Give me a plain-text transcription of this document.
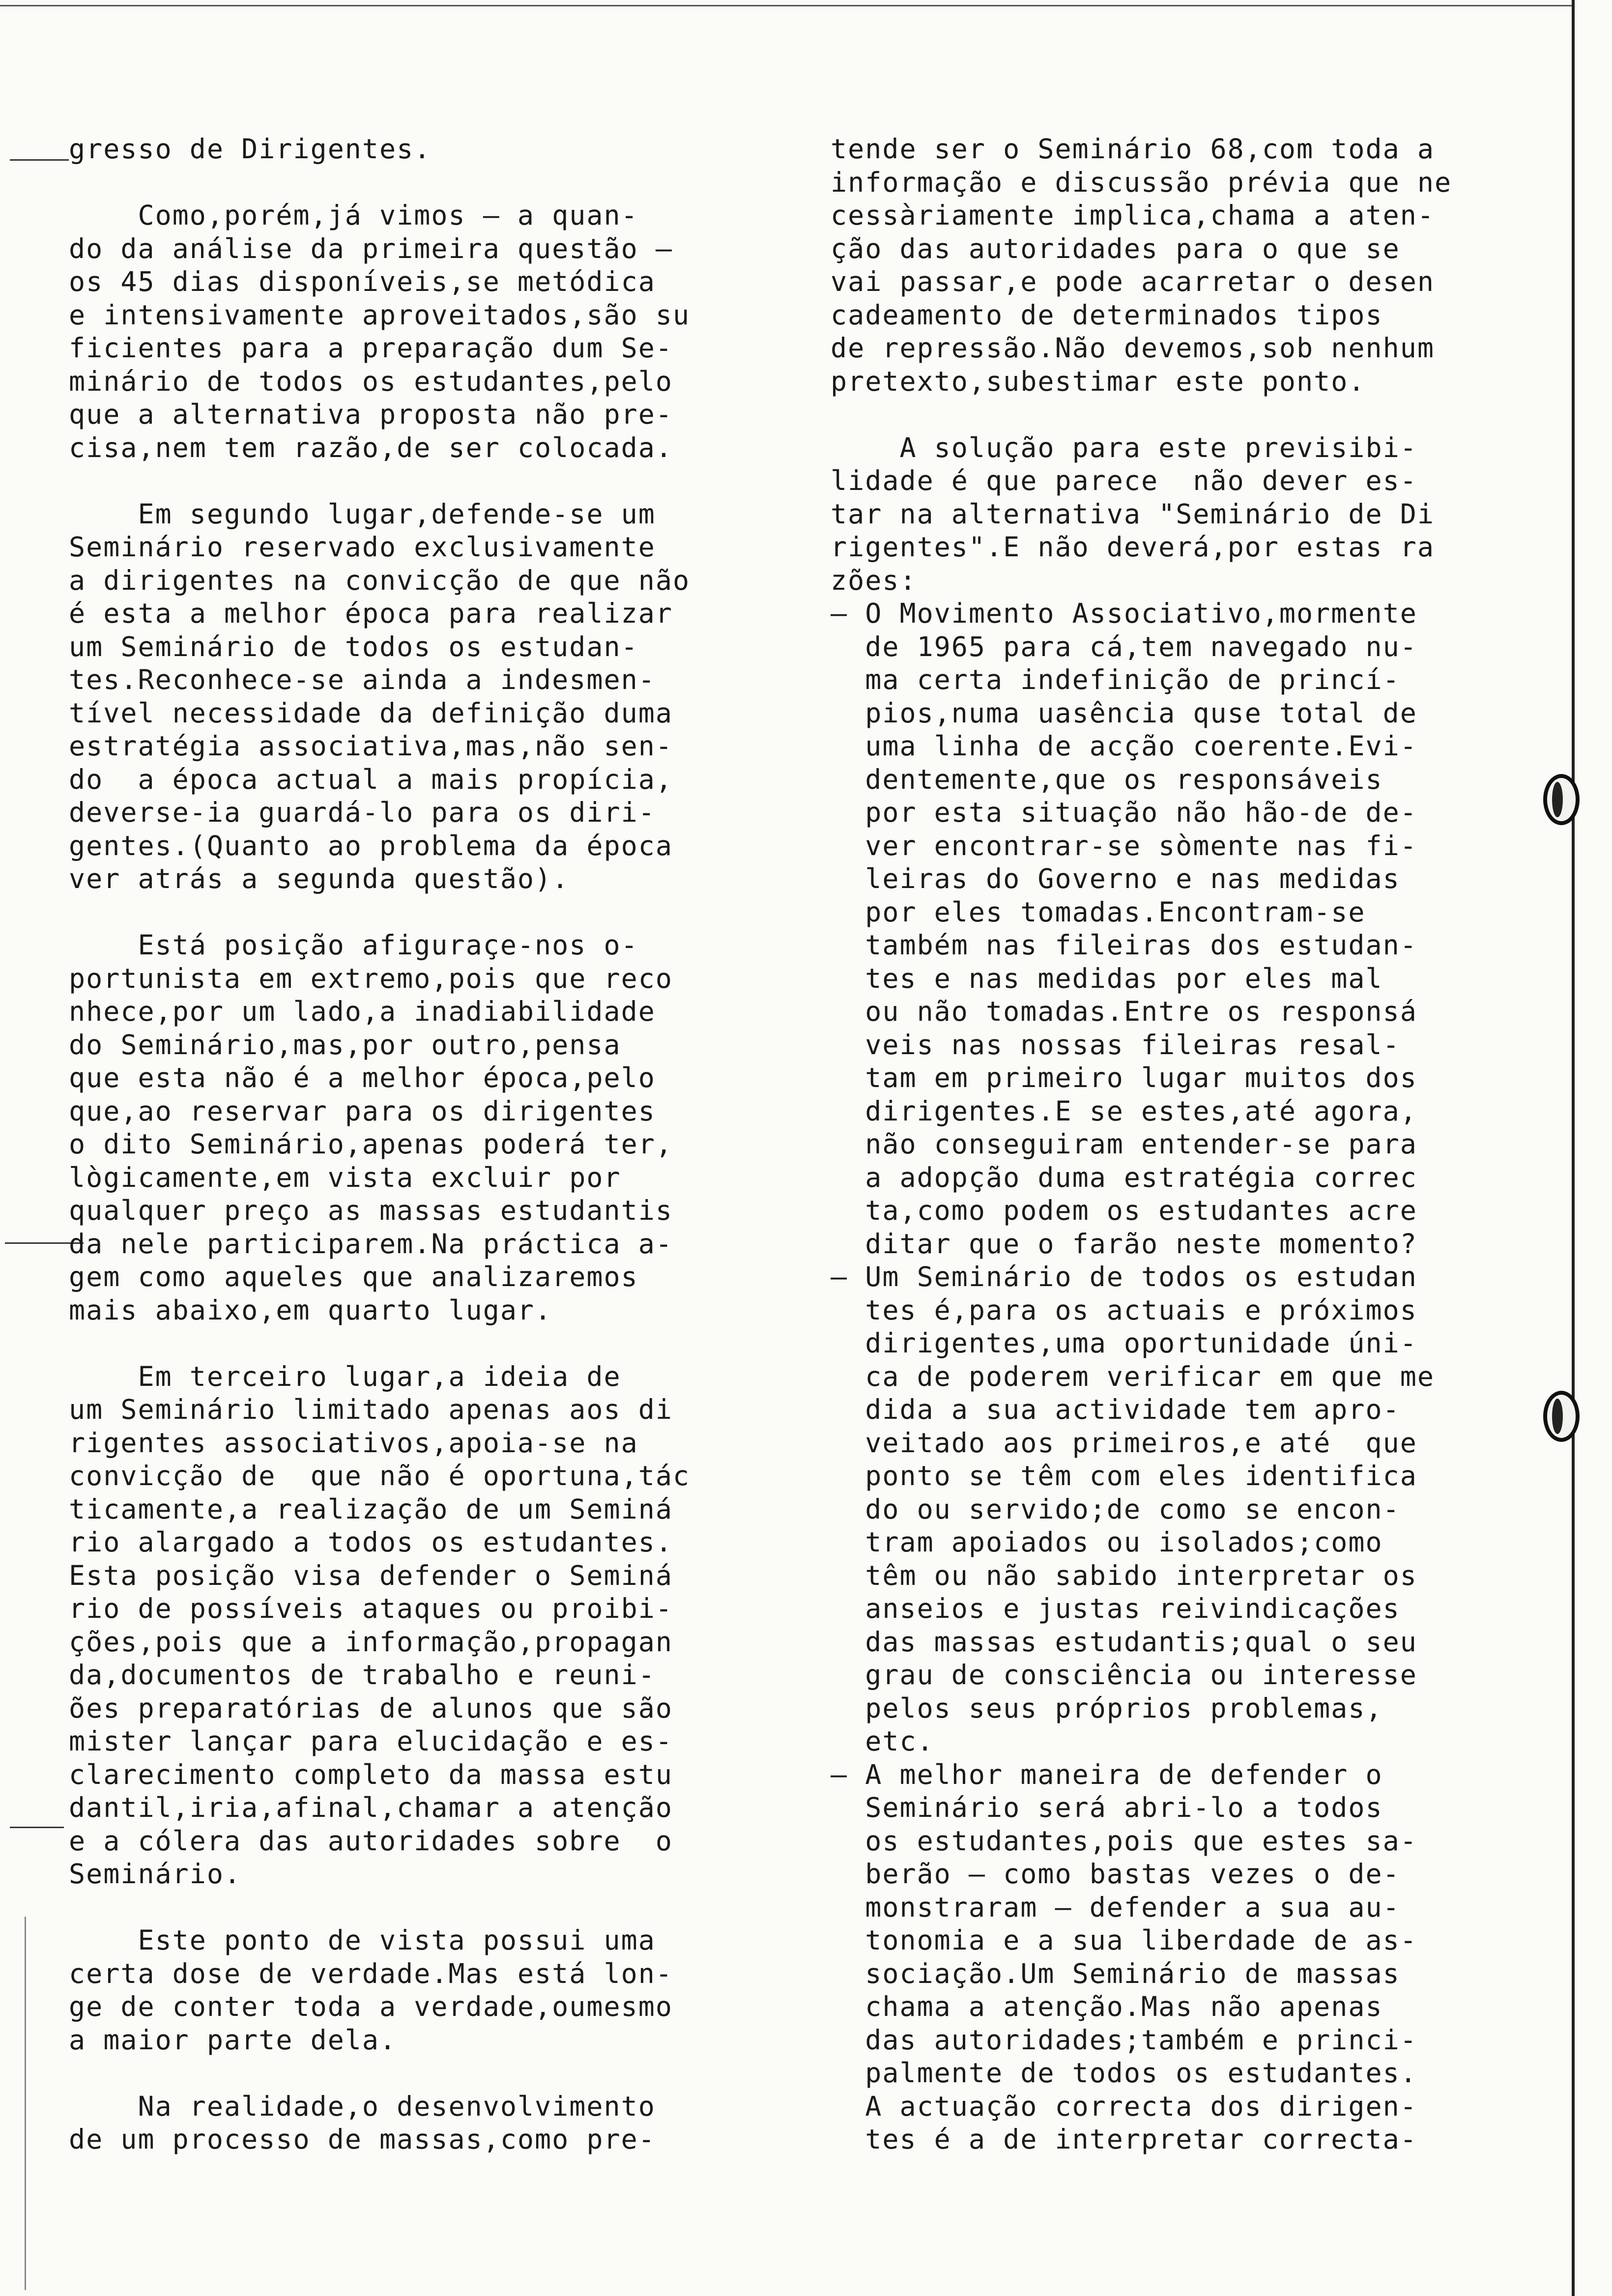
gresso de Dirigentes.
Como,porém,já vimos — a quan-
do da análise da primeira questão —
os 45 dias disponíveis,se metódica
e intensivamente aproveitados,são su
ficientes para a preparação dum Se-
minário de todos os estudantes,pelo
que a alternativa proposta não pre-
cisa,nem tem razão,de ser colocada.
Em segundo lugar,defende-se um
Seminário reservado exclusivamente
a dirigentes na convicção de que não
é esta a melhor época para realizar
um Seminário de todos os estudan-
tes.Reconhece-se ainda a indesmen-
tível necessidade da definição duma
estratégia associativa,mas,não sen-
do  a época actual a mais propícia,
deverse-ia guardá-lo para os diri-
gentes.(Quanto ao problema da época
ver atrás a segunda questão).
Está posição afiguraçe-nos o-
portunista em extremo,pois que reco
nhece,por um lado,a inadiabilidade
do Seminário,mas,por outro,pensa
que esta não é a melhor época,pelo
que,ao reservar para os dirigentes
o dito Seminário,apenas poderá ter,
lògicamente,em vista excluir por
qualquer preço as massas estudantis
da nele participarem.Na práctica a-
gem como aqueles que analizaremos
mais abaixo,em quarto lugar.
Em terceiro lugar,a ideia de
um Seminário limitado apenas aos di
rigentes associativos,apoia-se na
convicção de  que não é oportuna,tác
ticamente,a realização de um Seminá
rio alargado a todos os estudantes.
Esta posição visa defender o Seminá
rio de possíveis ataques ou proibi-
ções,pois que a informação,propagan
da,documentos de trabalho e reuni-
ões preparatórias de alunos que são
mister lançar para elucidação e es-
clarecimento completo da massa estu
dantil,iria,afinal,chamar a atenção
e a cólera das autoridades sobre  o
Seminário.
Este ponto de vista possui uma
certa dose de verdade.Mas está lon-
ge de conter toda a verdade,oumesmo
a maior parte dela.
Na realidade,o desenvolvimento
de um processo de massas,como pre-
tende ser o Seminário 68,com toda a
informação e discussão prévia que ne
cessàriamente implica,chama a aten-
ção das autoridades para o que se
vai passar,e pode acarretar o desen
cadeamento de determinados tipos
de repressão.Não devemos,sob nenhum
pretexto,subestimar este ponto.
A solução para este previsibi-
lidade é que parece  não dever es-
tar na alternativa "Seminário de Di
rigentes".E não deverá,por estas ra
zões:
— O Movimento Associativo,mormente
de 1965 para cá,tem navegado nu-
ma certa indefinição de princí-
pios,numa uasência quse total de
uma linha de acção coerente.Evi-
dentemente,que os responsáveis
por esta situação não hão-de de-
ver encontrar-se sòmente nas fi-
leiras do Governo e nas medidas
por eles tomadas.Encontram-se
também nas fileiras dos estudan-
tes e nas medidas por eles mal
ou não tomadas.Entre os responsá
veis nas nossas fileiras resal-
tam em primeiro lugar muitos dos
dirigentes.E se estes,até agora,
não conseguiram entender-se para
a adopção duma estratégia correc
ta,como podem os estudantes acre
ditar que o farão neste momento?
— Um Seminário de todos os estudan
tes é,para os actuais e próximos
dirigentes,uma oportunidade úni-
ca de poderem verificar em que me
dida a sua actividade tem apro-
veitado aos primeiros,e até  que
ponto se têm com eles identifica
do ou servido;de como se encon-
tram apoiados ou isolados;como
têm ou não sabido interpretar os
anseios e justas reivindicações
das massas estudantis;qual o seu
grau de consciência ou interesse
pelos seus próprios problemas,
etc.
— A melhor maneira de defender o
Seminário será abri-lo a todos
os estudantes,pois que estes sa-
berão — como bastas vezes o de-
monstraram — defender a sua au-
tonomia e a sua liberdade de as-
sociação.Um Seminário de massas
chama a atenção.Mas não apenas
das autoridades;também e princi-
palmente de todos os estudantes.
A actuação correcta dos dirigen-
tes é a de interpretar correcta-
